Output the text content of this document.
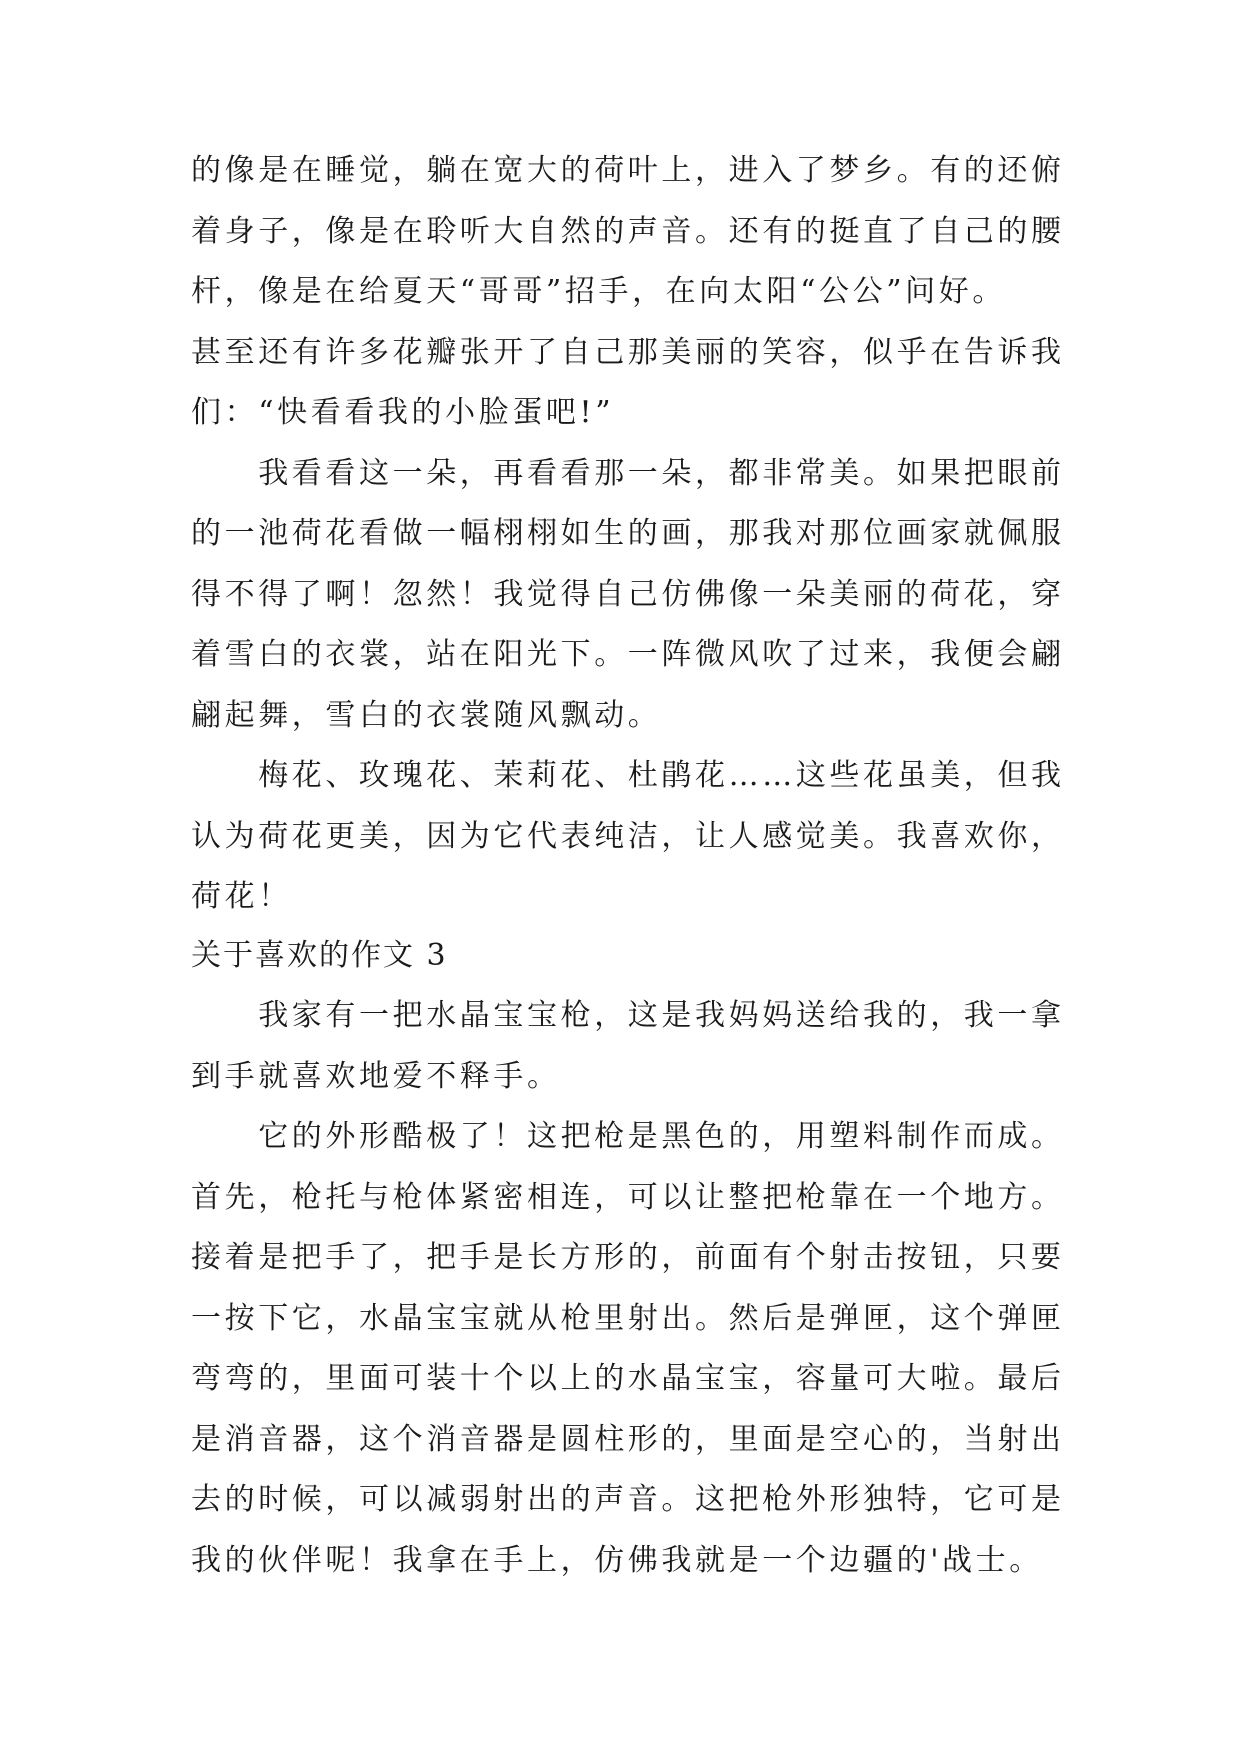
的像是在睡觉，躺在宽大的荷叶上，进入了梦乡。有的还俯
着身子，像是在聆听大自然的声音。还有的挺直了自己的腰
杆，像是在给夏天“哥哥”招手，在向太阳“公公”问好。
甚至还有许多花瓣张开了自己那美丽的笑容，似乎在告诉我
们：“快看看我的小脸蛋吧!”
　　我看看这一朵，再看看那一朵，都非常美。如果把眼前
的一池荷花看做一幅栩栩如生的画，那我对那位画家就佩服
得不得了啊！忽然！我觉得自己仿佛像一朵美丽的荷花，穿
着雪白的衣裳，站在阳光下。一阵微风吹了过来，我便会翩
翩起舞，雪白的衣裳随风飘动。
　　梅花、玫瑰花、茉莉花、杜鹃花……这些花虽美，但我
认为荷花更美，因为它代表纯洁，让人感觉美。我喜欢你，
荷花！
关于喜欢的作文 3
　　我家有一把水晶宝宝枪，这是我妈妈送给我的，我一拿
到手就喜欢地爱不释手。
　　它的外形酷极了！这把枪是黑色的，用塑料制作而成。
首先，枪托与枪体紧密相连，可以让整把枪靠在一个地方。
接着是把手了，把手是长方形的，前面有个射击按钮，只要
一按下它，水晶宝宝就从枪里射出。然后是弹匣，这个弹匣
弯弯的，里面可装十个以上的水晶宝宝，容量可大啦。最后
是消音器，这个消音器是圆柱形的，里面是空心的，当射出
去的时候，可以减弱射出的声音。这把枪外形独特，它可是
我的伙伴呢！我拿在手上，仿佛我就是一个边疆的'战士。
